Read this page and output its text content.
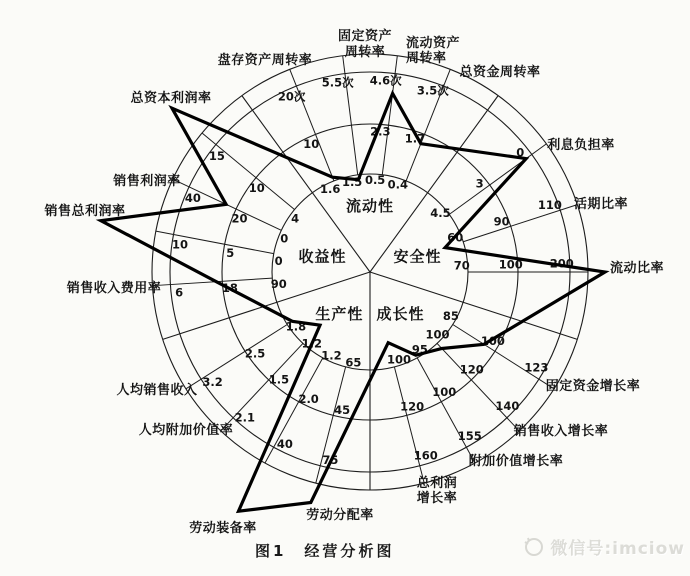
0.4
1.7
3.5次
0.5
2.3
4.6次
1.5
5.5次
1.6
10
20次
4
10
15
0
20
40
0
5
10
90
18
6
1.8
2.5
3.2
1.2
1.5
2.1
1.2
2.0
40
65
45
75
100
120
160
95
100
155
100
120
140
85
100
123
70	100 200
60
90
110
4.5
3
0
流动性
收益性
生产性 成长性
安全性
总资金周转率
流动资产
周转率
固定资产
周转率
盘存资产周转率
总资本利润率
销售利润率
销售总利润率
销售收入费用率
人均销售收入
人均附加价值率
劳动装备率
劳动分配率
总利润
增长率
附加价值增长率
销售收入增长率
固定资金增长率
流动比率
活期比率
利息负担率
图1　经营分析图	微信号:imciow
